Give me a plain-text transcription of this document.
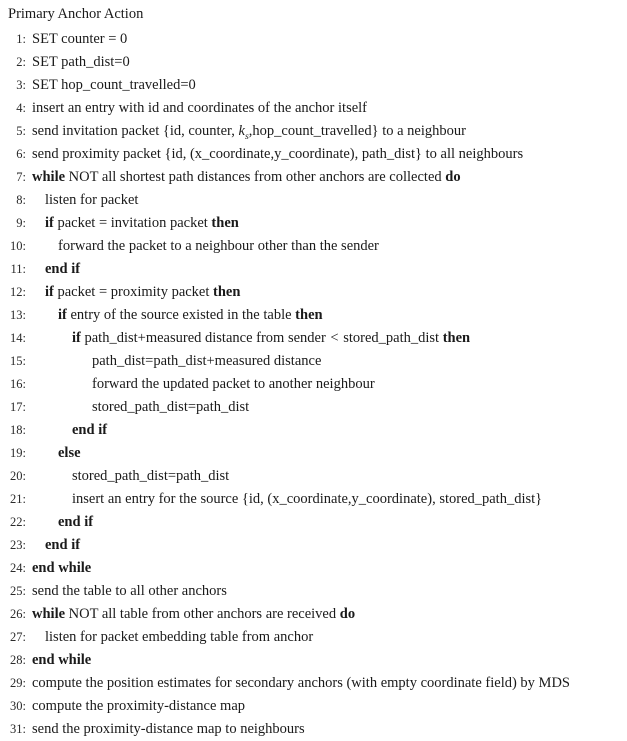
Primary Anchor Action
1 : SET counter = 0
2 : SET path_dist=0
3 : SET hop_count_travelled=0
4 : insert an entry with id and coordinates of the anchor itself
5 : send invitation packet {id, counter, $k_s,hop\_count\_travelled$} to a neighbour
6 : send proximity packet {id, (x_coordinate,y_coordinate), path_dist} to all neighbours
7 : while NOT all shortest path distances from other anchors are collected do
8 : listen for packet
9 : if packet = invitation packet then
10 : forward the packet to a neighbour other than the sender
11 : end if
12 : if packet = proximity packet then
13 : if entry of the source existed in the table then
14 :	if path_dist+measured distance from sender < stored_path_dist then
15 :	path_dist=path_dist+measured distance
16 :	forward the updated packet to another neighbour
17 :	stored_path_dist=path_dist
18 :	end if
19 : else
20 :	stored_path_dist=path_dist
21 :	insert an entry for the source {id, (x_coordinate,y_coordinate), stored_path_dist}
22 : end if
23 : end if
24 : end while
25 : send the table to all other anchors
26 : while NOT all table from other anchors are received do
27 : listen for packet embedding table from anchor
28 : end while
29 : compute the position estimates for secondary anchors (with empty coordinate field) by MDS
30 : compute the proximity-distance map
31 : send the proximity-distance map to neighbours
